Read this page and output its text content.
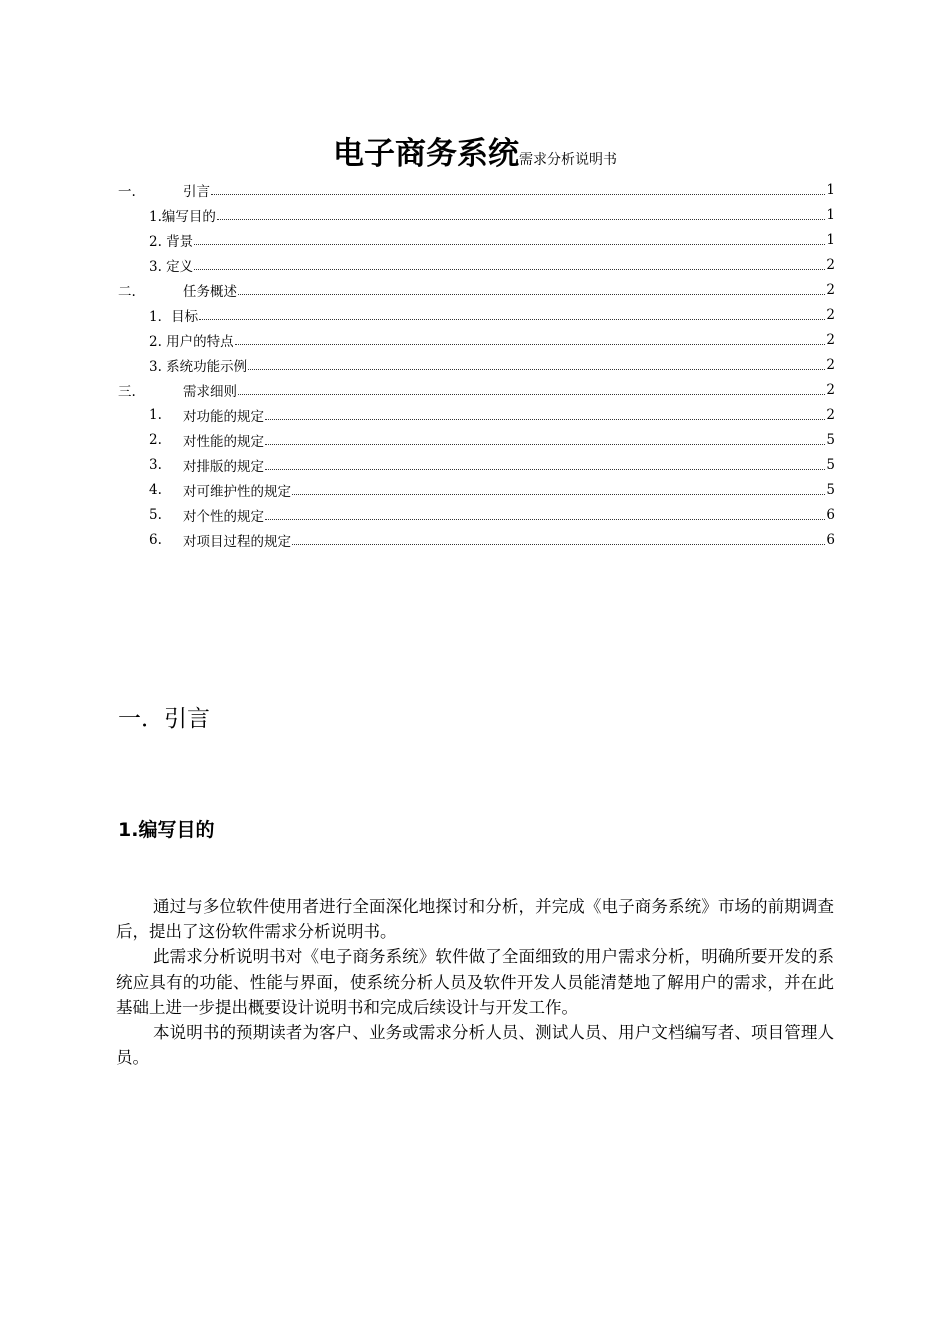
电子商务系统需求分析说明书
一.	引言	1
1.编写目的	1
2. 背景	1
3. 定义	2
二.	任务概述	2
1．目标	2
2. 用户的特点	2
3. 系统功能示例	2
三.	需求细则	2
1.	对功能的规定	2
2.	对性能的规定	5
3.	对排版的规定	5
4.	对可维护性的规定	5
5.	对个性的规定	6
6.	对项目过程的规定	6
一．引言
1.编写目的

通过与多位软件使用者进行全面深化地探讨和分析，并完成《电子商务系统》市场的前期调查后，提出了这份软件需求分析说明书。

此需求分析说明书对《电子商务系统》软件做了全面细致的用户需求分析，明确所要开发的系统应具有的功能、性能与界面，使系统分析人员及软件开发人员能清楚地了解用户的需求，并在此基础上进一步提出概要设计说明书和完成后续设计与开发工作。

本说明书的预期读者为客户、业务或需求分析人员、测试人员、用户文档编写者、项目管理人员。
